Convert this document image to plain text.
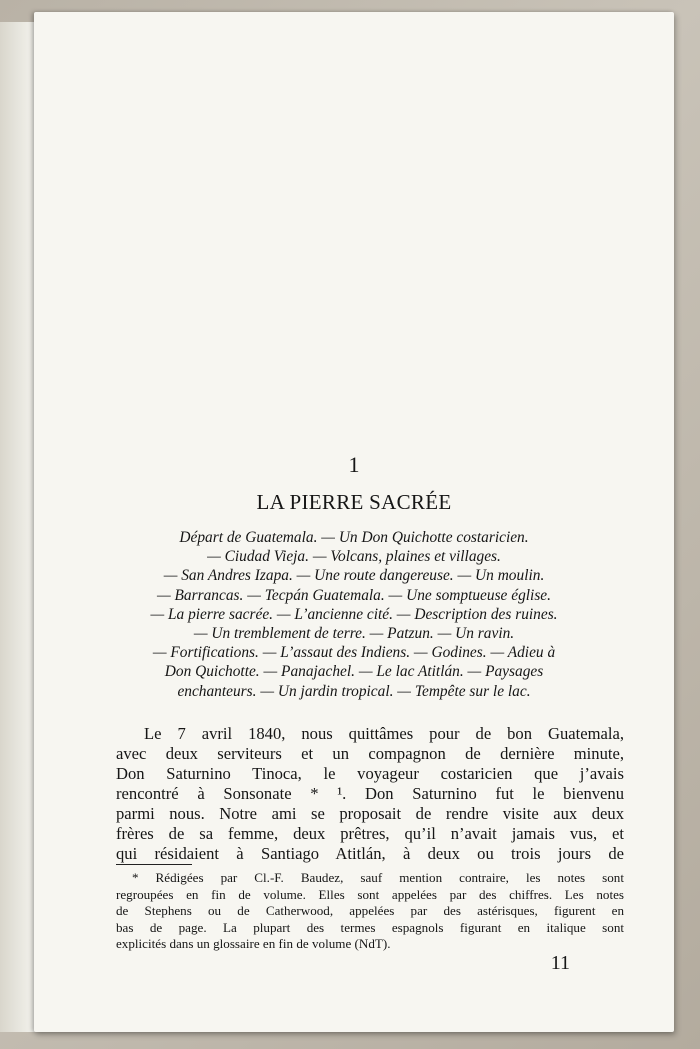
1
LA PIERRE SACRÉE
Départ de Guatemala. — Un Don Quichotte costaricien.
— Ciudad Vieja. — Volcans, plaines et villages.
— San Andres Izapa. — Une route dangereuse. — Un moulin.
— Barrancas. — Tecpán Guatemala. — Une somptueuse église.
— La pierre sacrée. — L’ancienne cité. — Description des ruines.
— Un tremblement de terre. — Patzun. — Un ravin.
— Fortifications. — L’assaut des Indiens. — Godines. — Adieu à
Don Quichotte. — Panajachel. — Le lac Atitlán. — Paysages
enchanteurs. — Un jardin tropical. — Tempête sur le lac.
Le 7 avril 1840, nous quittâmes pour de bon Guatemala,
avec deux serviteurs et un compagnon de dernière minute,
Don Saturnino Tinoca, le voyageur costaricien que j’avais
rencontré à Sonsonate * ¹. Don Saturnino fut le bienvenu
parmi nous. Notre ami se proposait de rendre visite aux deux
frères de sa femme, deux prêtres, qu’il n’avait jamais vus, et
qui résidaient à Santiago Atitlán, à deux ou trois jours de
* Rédigées par Cl.-F. Baudez, sauf mention contraire, les notes sont
regroupées en fin de volume. Elles sont appelées par des chiffres. Les notes
de Stephens ou de Catherwood, appelées par des astérisques, figurent en
bas de page. La plupart des termes espagnols figurant en italique sont
explicités dans un glossaire en fin de volume (NdT).
11
